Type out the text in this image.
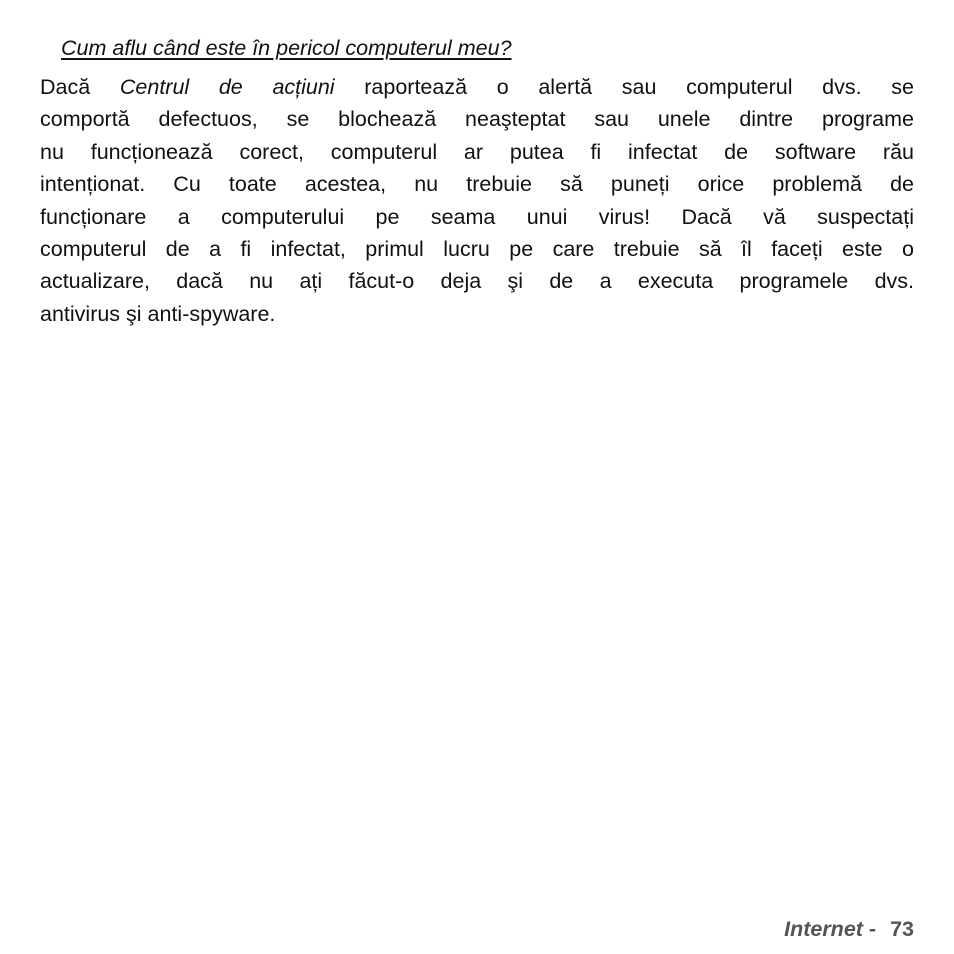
Cum aflu când este în pericol computerul meu?
Dacă Centrul de acțiuni raportează o alertă sau computerul dvs. se
comportă defectuos, se blochează neaşteptat sau unele dintre programe
nu funcționează corect, computerul ar putea fi infectat de software rău
intenționat. Cu toate acestea, nu trebuie să puneți orice problemă de
funcționare a computerului pe seama unui virus! Dacă vă suspectați
computerul de a fi infectat, primul lucru pe care trebuie să îl faceți este o
actualizare, dacă nu ați făcut-o deja şi de a executa programele dvs.
antivirus şi anti-spyware.
Internet - 73
